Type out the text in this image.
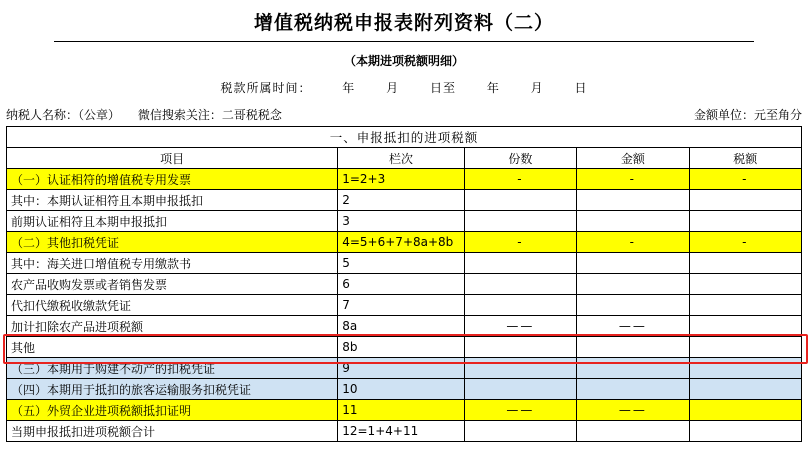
增值税纳税申报表附列资料（二）
（本期进项税额明细）
税款所属时间：	年	月	日至	年	月	日
纳税人名称：（公章） 微信搜索关注：二哥税税念	金额单位：元至角分
一、申报抵扣的进项税额				
项目	栏次	份数	金额	税额
（一）认证相符的增值税专用发票	1=2+3	-	-	-
其中：本期认证相符且本期申报抵扣	2			
前期认证相符且本期申报抵扣	3			
（二）其他扣税凭证	4=5+6+7+8a+8b	-	-	-
其中：海关进口增值税专用缴款书	5			
农产品收购发票或者销售发票	6			
代扣代缴税收缴款凭证	7			
加计扣除农产品进项税额	8a	——	——	
其他	8b			
（三）本期用于购建不动产的扣税凭证	9			
（四）本期用于抵扣的旅客运输服务扣税凭证	10			
（五）外贸企业进项税额抵扣证明	11	——	——	
当期申报抵扣进项税额合计	12=1+4+11			
